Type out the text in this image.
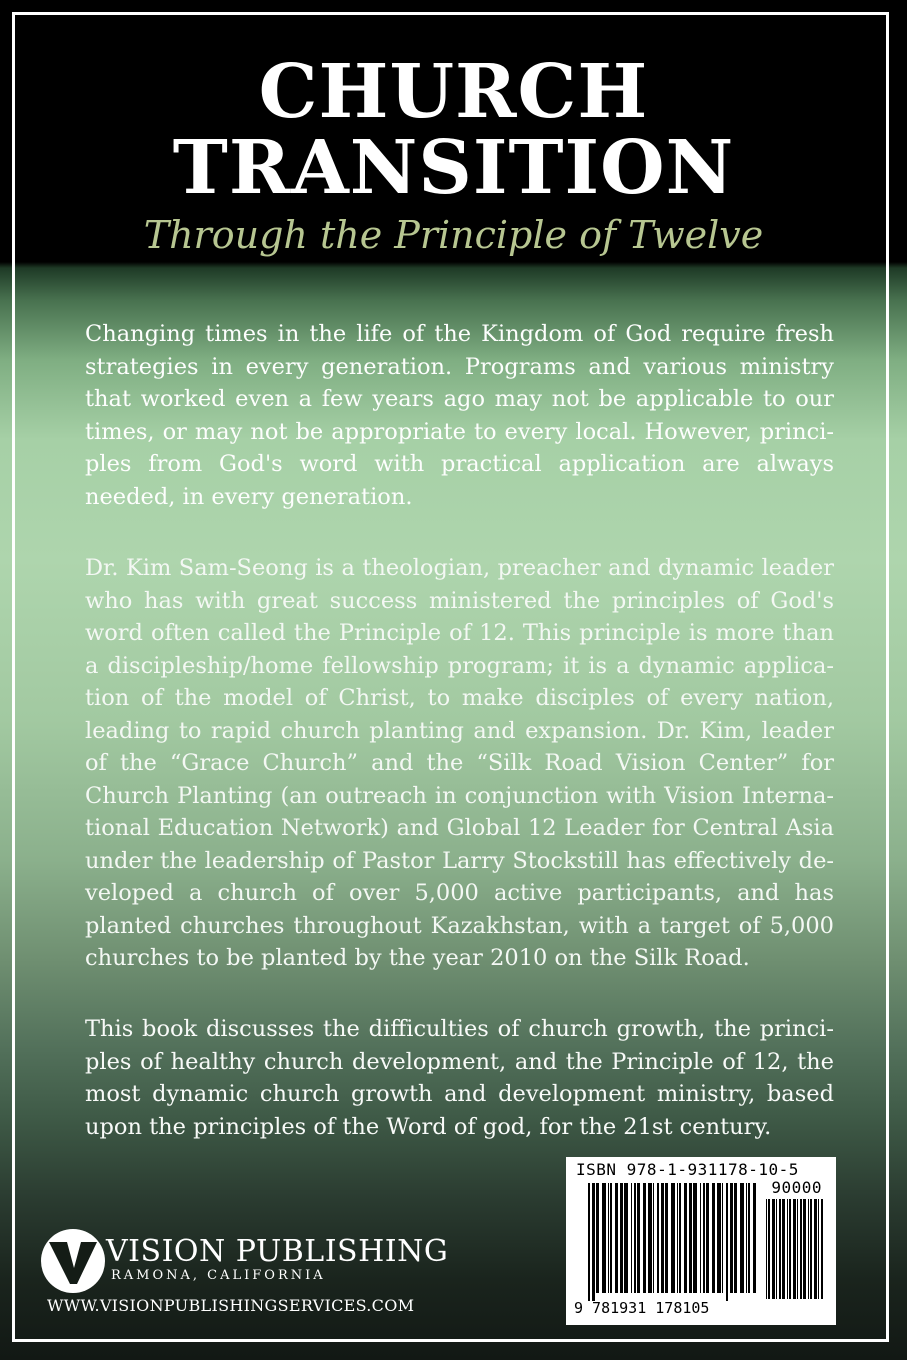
CHURCH
TRANSITION
Through the Principle of Twelve

Changing times in the life of the Kingdom of God require fresh strategies in every generation. Programs and various ministry that worked even a few years ago may not be applicable to our times, or may not be appropriate to every local. However, principles from God's word with practical application are always needed, in every generation.

Dr. Kim Sam-Seong is a theologian, preacher and dynamic leader who has with great success ministered the principles of God's word often called the Principle of 12. This principle is more than a discipleship/home fellowship program; it is a dynamic application of the model of Christ, to make disciples of every nation, leading to rapid church planting and expansion. Dr. Kim, leader of the “Grace Church” and the “Silk Road Vision Center” for Church Planting (an outreach in conjunction with Vision International Education Network) and Global 12 Leader for Central Asia under the leadership of Pastor Larry Stockstill has effectively developed a church of over 5,000 active participants, and has planted churches throughout Kazakhstan, with a target of 5,000 churches to be planted by the year 2010 on the Silk Road.

This book discusses the difficulties of church growth, the principles of healthy church development, and the Principle of 12, the most dynamic church growth and development ministry, based upon the principles of the Word of god, for the 21st century.

ISBN 978-1-931178-10-5
90000
9 781931 178105
VISION PUBLISHING
RAMONA, CALIFORNIA
WWW.VISIONPUBLISHINGSERVICES.COM
